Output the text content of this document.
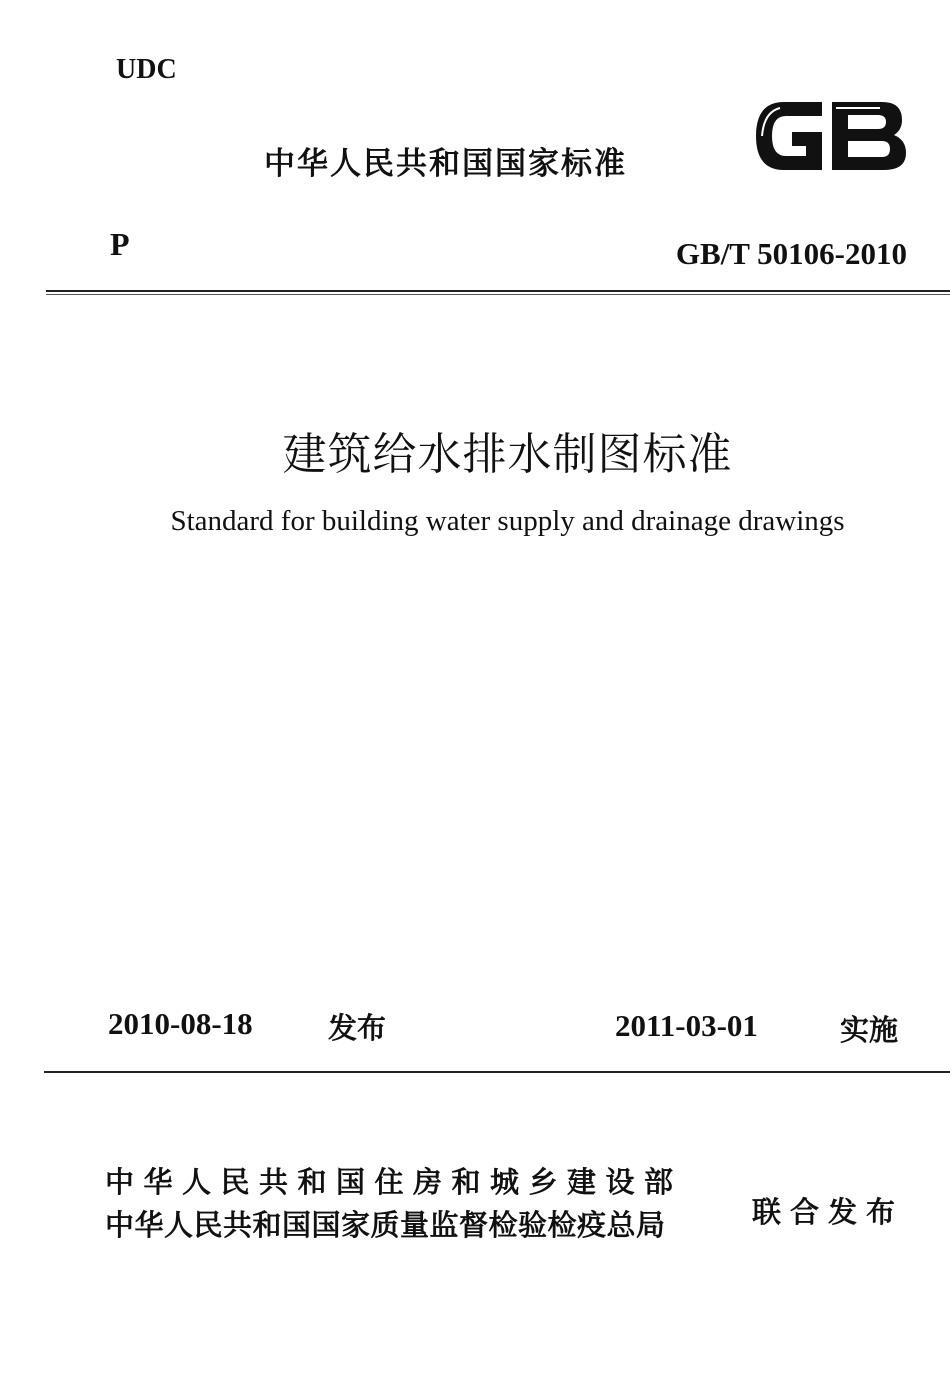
UDC
中华人民共和国国家标准
P	GB/T 50106-2010
建筑给水排水制图标准
Standard for building water supply and drainage drawings
2010-08-18	发布	2011-03-01	实施
中华人民共和国住房和城乡建设部
中华人民共和国国家质量监督检验检疫总局	联合发布
